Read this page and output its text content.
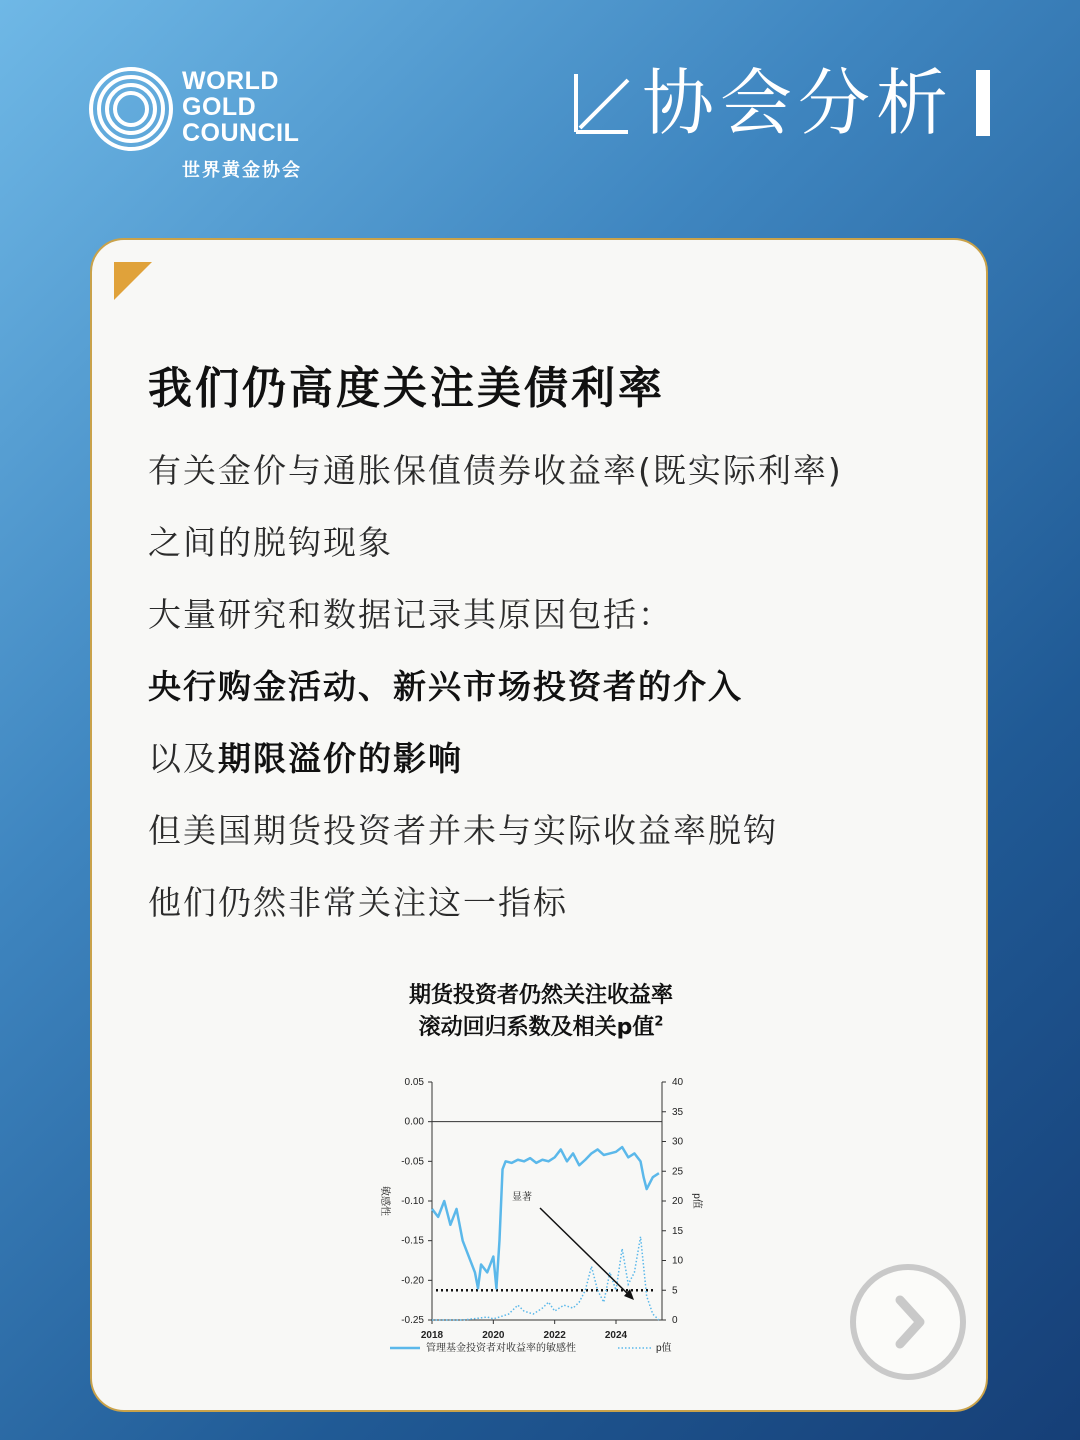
WORLD
GOLD
COUNCIL
世界黄金协会
协会分析
我们仍高度关注美债利率
有关金价与通胀保值债券收益率(既实际利率)
之间的脱钩现象
大量研究和数据记录其原因包括：
央行购金活动、新兴市场投资者的介入
以及期限溢价的影响
但美国期货投资者并未与实际收益率脱钩
他们仍然非常关注这一指标
期货投资者仍然关注收益率
滚动回归系数及相关p值$^2$
0.05
0.00
-0.05
-0.10
-0.15
-0.20
-0.25
40
35
30
25
20
15
10
5
0
2018	2020	2022	2024
敏感性	p值
显著
管理基金投资者对收益率的敏感性	p值
